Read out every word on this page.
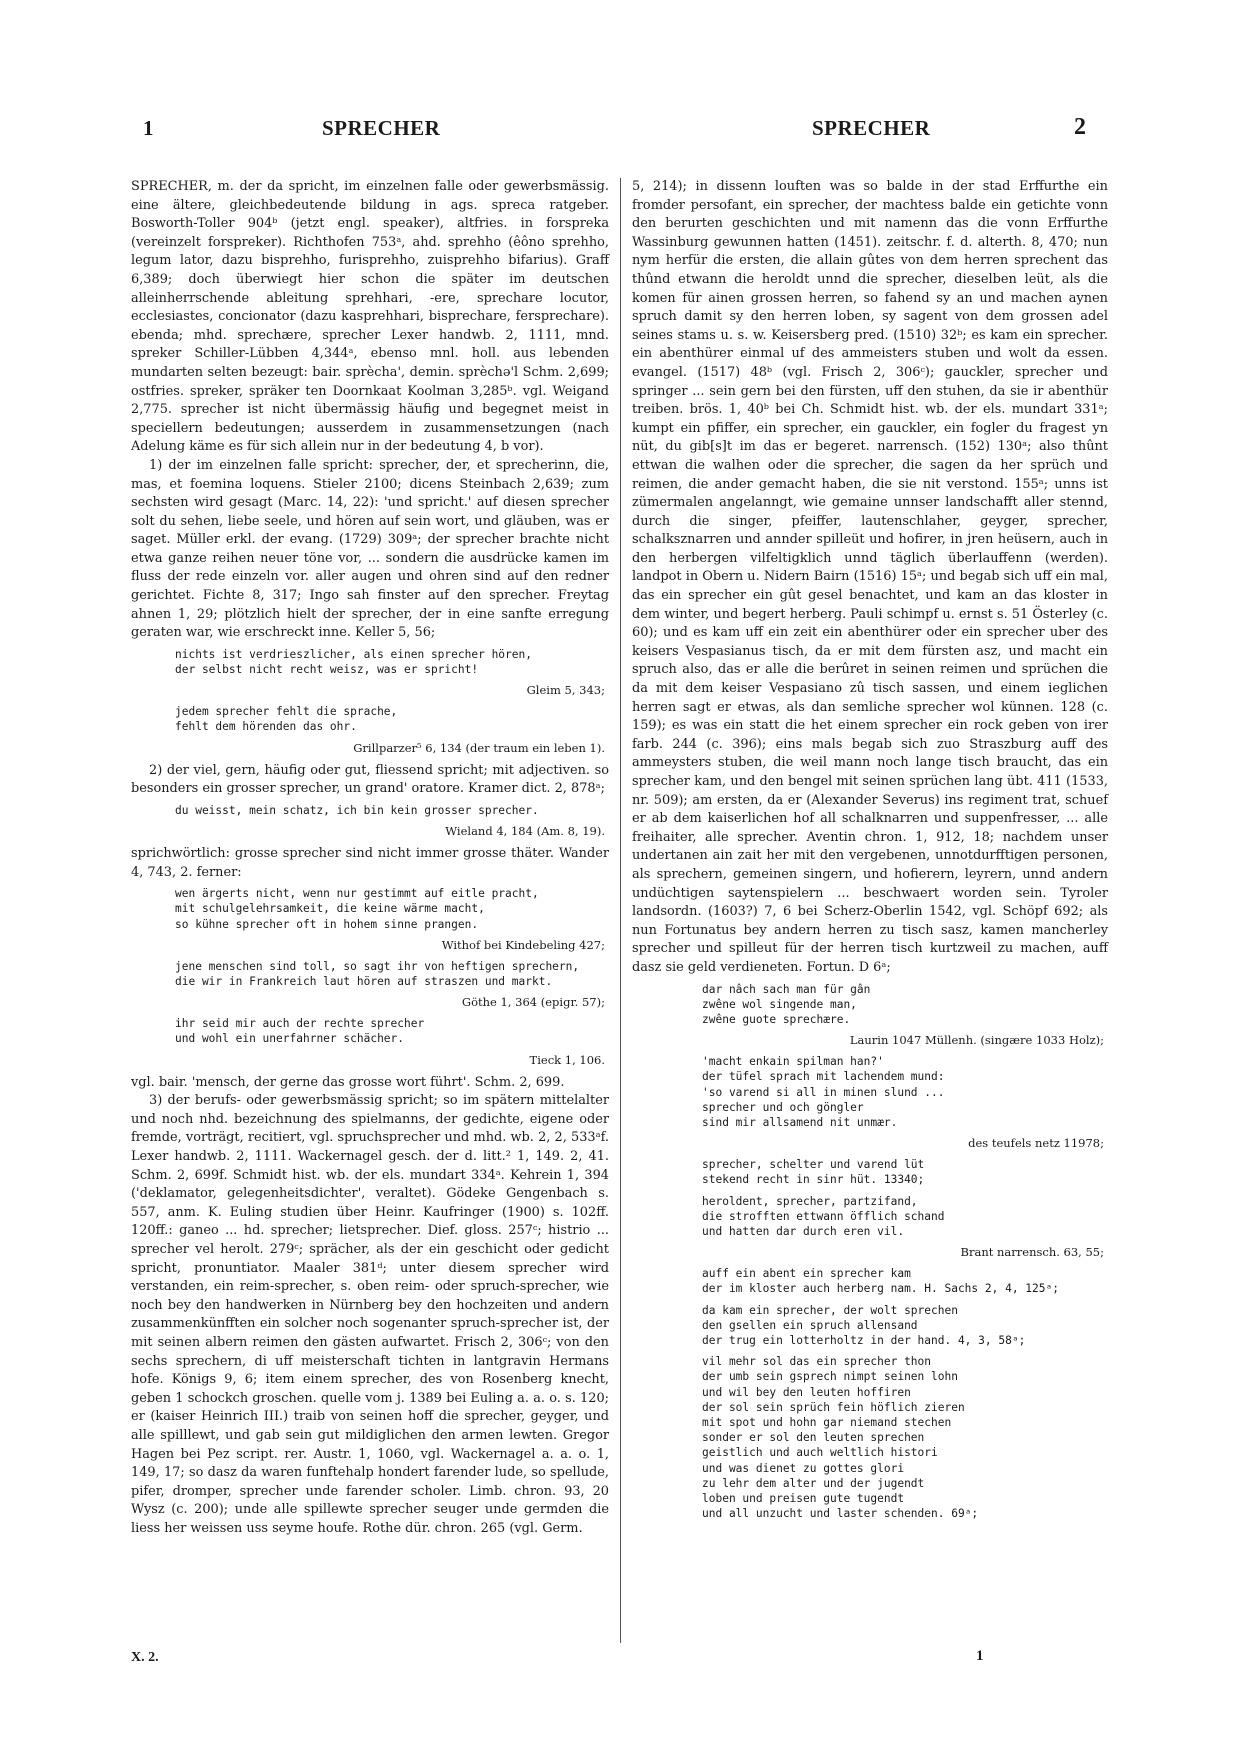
1	SPRECHER	SPRECHER	2

SPRECHER, m. der da spricht, im einzelnen falle oder gewerbsmässig. eine ältere, gleichbedeutende bildung in ags. spreca ratgeber. Bosworth-Toller 904ᵇ (jetzt engl. speaker), altfries. in forspreka (vereinzelt forspreker). Richthofen 753ᵃ, ahd. sprehho (êôno sprehho, legum lator, dazu bisprehho, furisprehho, zuisprehho bifarius). Graff 6,389; doch überwiegt hier schon die später im deutschen alleinherrschende ableitung sprehhari, -ere, sprechare locutor, ecclesiastes, concionator (dazu kasprehhari, bisprechare, fersprechare). ebenda; mhd. sprechære, sprecher Lexer handwb. 2, 1111, mnd. spreker Schiller-Lübben 4,344ᵃ, ebenso mnl. holl. aus lebenden mundarten selten bezeugt: bair. sprècha', demin. sprèchə'l Schm. 2,699; ostfries. spreker, spräker ten Doornkaat Koolman 3,285ᵇ. vgl. Weigand 2,775. sprecher ist nicht übermässig häufig und begegnet meist in speciellern bedeutungen; ausserdem in zusammensetzungen (nach Adelung käme es für sich allein nur in der bedeutung 4, b vor).

1) der im einzelnen falle spricht: sprecher, der, et sprecherinn, die, mas, et foemina loquens. Stieler 2100; dicens Steinbach 2,639; zum sechsten wird gesagt (Marc. 14, 22): 'und spricht.' auf diesen sprecher solt du sehen, liebe seele, und hören auf sein wort, und gläuben, was er saget. Müller erkl. der evang. (1729) 309ᵃ; der sprecher brachte nicht etwa ganze reihen neuer töne vor, ... sondern die ausdrücke kamen im fluss der rede einzeln vor. aller augen und ohren sind auf den redner gerichtet. Fichte 8, 317; Ingo sah finster auf den sprecher. Freytag ahnen 1, 29; plötzlich hielt der sprecher, der in eine sanfte erregung geraten war, wie erschreckt inne. Keller 5, 56;

nichts ist verdrieszlicher, als einen sprecher hören,
der selbst nicht recht weisz, was er spricht!
Gleim 5, 343;
jedem sprecher fehlt die sprache,
fehlt dem hörenden das ohr.
Grillparzer⁵ 6, 134 (der traum ein leben 1).

2) der viel, gern, häufig oder gut, fliessend spricht; mit adjectiven. so besonders ein grosser sprecher, un grand' oratore. Kramer dict. 2, 878ᵃ;

du weisst, mein schatz, ich bin kein grosser sprecher.
Wieland 4, 184 (Am. 8, 19).

sprichwörtlich: grosse sprecher sind nicht immer grosse thäter. Wander 4, 743, 2. ferner:

wen ärgerts nicht, wenn nur gestimmt auf eitle pracht,
mit schulgelehrsamkeit, die keine wärme macht,
so kühne sprecher oft in hohem sinne prangen.
Withof bei Kindebeling 427;
jene menschen sind toll, so sagt ihr von heftigen sprechern,
die wir in Frankreich laut hören auf straszen und markt.
Göthe 1, 364 (epigr. 57);
ihr seid mir auch der rechte sprecher
und wohl ein unerfahrner schächer.
Tieck 1, 106.

vgl. bair. 'mensch, der gerne das grosse wort führt'. Schm. 2, 699.

3) der berufs- oder gewerbsmässig spricht; so im spätern mittelalter und noch nhd. bezeichnung des spielmanns, der gedichte, eigene oder fremde, vorträgt, recitiert, vgl. spruchsprecher und mhd. wb. 2, 2, 533ᵃf. Lexer handwb. 2, 1111. Wackernagel gesch. der d. litt.² 1, 149. 2, 41. Schm. 2, 699f. Schmidt hist. wb. der els. mundart 334ᵃ. Kehrein 1, 394 ('deklamator, gelegenheitsdichter', veraltet). Gödeke Gengenbach s. 557, anm. K. Euling studien über Heinr. Kaufringer (1900) s. 102ff. 120ff.: ganeo ... hd. sprecher; lietsprecher. Dief. gloss. 257ᶜ; histrio ... sprecher vel herolt. 279ᶜ; sprächer, als der ein geschicht oder gedicht spricht, pronuntiator. Maaler 381ᵈ; unter diesem sprecher wird verstanden, ein reim-sprecher, s. oben reim- oder spruch-sprecher, wie noch bey den handwerken in Nürnberg bey den hochzeiten und andern zusammenkünfften ein solcher noch sogenanter spruch-sprecher ist, der mit seinen albern reimen den gästen aufwartet. Frisch 2, 306ᶜ; von den sechs sprechern, di uff meisterschaft tichten in lantgravin Hermans hofe. Königs 9, 6; item einem sprecher, des von Rosenberg knecht, geben 1 schockch groschen. quelle vom j. 1389 bei Euling a. a. o. s. 120; er (kaiser Heinrich III.) traib von seinen hoff die sprecher, geyger, und alle spilllewt, und gab sein gut mildiglichen den armen lewten. Gregor Hagen bei Pez script. rer. Austr. 1, 1060, vgl. Wackernagel a. a. o. 1, 149, 17; so dasz da waren funftehalp hondert farender lude, so spellude, pifer, dromper, sprecher unde farender scholer. Limb. chron. 93, 20 Wysz (c. 200); unde alle spillewte sprecher seuger unde germden die liess her weissen uss seyme houfe. Rothe dür. chron. 265 (vgl. Germ.

5, 214); in dissenn louften was so balde in der stad Erffurthe ein fromder persofant, ein sprecher, der machtess balde ein getichte vonn den berurten geschichten und mit namenn das die vonn Erffurthe Wassinburg gewunnen hatten (1451). zeitschr. f. d. alterth. 8, 470; nun nym herfür die ersten, die allain gûtes von dem herren sprechent das thûnd etwann die heroldt unnd die sprecher, dieselben leüt, als die komen für ainen grossen herren, so fahend sy an und machen aynen spruch damit sy den herren loben, sy sagent von dem grossen adel seines stams u. s. w. Keisersberg pred. (1510) 32ᵇ; es kam ein sprecher. ein abenthürer einmal uf des ammeisters stuben und wolt da essen. evangel. (1517) 48ᵇ (vgl. Frisch 2, 306ᶜ); gauckler, sprecher und springer ... sein gern bei den fürsten, uff den stuhen, da sie ir abenthür treiben. brös. 1, 40ᵇ bei Ch. Schmidt hist. wb. der els. mundart 331ᵃ; kumpt ein pfiffer, ein sprecher, ein gauckler, ein fogler du fragest yn nüt, du gib[s]t im das er begeret. narrensch. (152) 130ᵃ; also thûnt ettwan die walhen oder die sprecher, die sagen da her sprüch und reimen, die ander gemacht haben, die sie nit verstond. 155ᵃ; unns ist zümermalen angelanngt, wie gemaine unnser landschafft aller stennd, durch die singer, pfeiffer, lautenschlaher, geyger, sprecher, schalksznarren und annder spilleüt und hofirer, in jren heüsern, auch in den herbergen vilfeltigklich unnd täglich überlauffenn (werden). landpot in Obern u. Nidern Bairn (1516) 15ᵃ; und begab sich uff ein mal, das ein sprecher ein gût gesel benachtet, und kam an das kloster in dem winter, und begert herberg. Pauli schimpf u. ernst s. 51 Österley (c. 60); und es kam uff ein zeit ein abenthürer oder ein sprecher uber des keisers Vespasianus tisch, da er mit dem fürsten asz, und macht ein spruch also, das er alle die berûret in seinen reimen und sprüchen die da mit dem keiser Vespasiano zû tisch sassen, und einem ieglichen herren sagt er etwas, als dan semliche sprecher wol künnen. 128 (c. 159); es was ein statt die het einem sprecher ein rock geben von irer farb. 244 (c. 396); eins mals begab sich zuo Straszburg auff des ammeysters stuben, die weil mann noch lange tisch braucht, das ein sprecher kam, und den bengel mit seinen sprüchen lang übt. 411 (1533, nr. 509); am ersten, da er (Alexander Severus) ins regiment trat, schuef er ab dem kaiserlichen hof all schalknarren und suppenfresser, ... alle freihaiter, alle sprecher. Aventin chron. 1, 912, 18; nachdem unser undertanen ain zait her mit den vergebenen, unnotdurfftigen personen, als sprechern, gemeinen singern, und hofierern, leyrern, unnd andern undüchtigen saytenspielern ... beschwaert worden sein. Tyroler landsordn. (1603?) 7, 6 bei Scherz-Oberlin 1542, vgl. Schöpf 692; als nun Fortunatus bey andern herren zu tisch sasz, kamen mancherley sprecher und spilleut für der herren tisch kurtzweil zu machen, auff dasz sie geld verdieneten. Fortun. D 6ᵃ;

dar nâch sach man für gân
zwêne wol singende man,
zwêne guote sprechære.
Laurin 1047 Müllenh. (singære 1033 Holz);
'macht enkain spilman han?'
der tüfel sprach mit lachendem mund:
'so varend si all in minen slund ...
sprecher und och göngler
sind mir allsamend nit unmær.
des teufels netz 11978;
sprecher, schelter und varend lüt
stekend recht in sinr hüt. 13340;
heroldent, sprecher, partzifand,
die strofften ettwann öfflich schand
und hatten dar durch eren vil.
Brant narrensch. 63, 55;
auff ein abent ein sprecher kam
der im kloster auch herberg nam. H. Sachs 2, 4, 125ᵃ;
da kam ein sprecher, der wolt sprechen
den gsellen ein spruch allensand
der trug ein lotterholtz in der hand. 4, 3, 58ᵃ;
vil mehr sol das ein sprecher thon
der umb sein gsprech nimpt seinen lohn
und wil bey den leuten hoffiren
der sol sein sprüch fein höflich zieren
mit spot und hohn gar niemand stechen
sonder er sol den leuten sprechen
geistlich und auch weltlich histori
und was dienet zu gottes glori
zu lehr dem alter und der jugendt
loben und preisen gute tugendt
und all unzucht und laster schenden. 69ᵃ;
X. 2.	1
